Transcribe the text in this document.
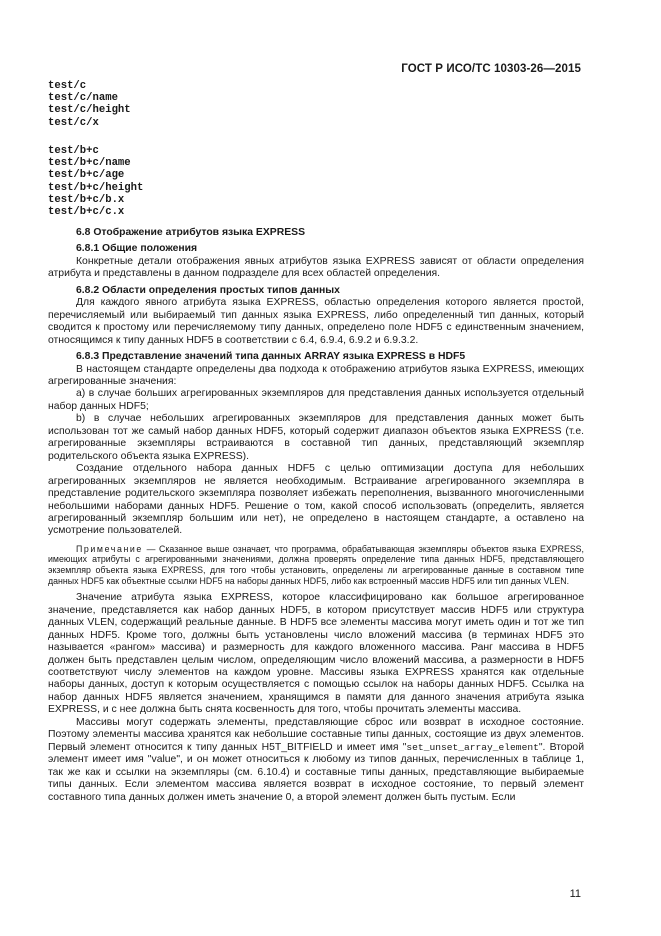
ГОСТ Р ИСО/ТС 10303-26—2015
test/c
test/c/name
test/c/height
test/c/x
test/b+c
test/b+c/name
test/b+c/age
test/b+c/height
test/b+c/b.x
test/b+c/c.x
6.8 Отображение атрибутов языка EXPRESS
6.8.1 Общие положения

Конкретные детали отображения явных атрибутов языка EXPRESS зависят от области определения атрибута и представлены в данном подразделе для всех областей определения.

6.8.2 Области определения простых типов данных

Для каждого явного атрибута языка EXPRESS, областью определения которого является простой, перечисляемый или выбираемый тип данных языка EXPRESS, либо определенный тип данных, который сводится к простому или перечисляемому типу данных, определено поле HDF5 с единственным значением, относящимся к типу данных HDF5 в соответствии с 6.4, 6.9.4, 6.9.2 и 6.9.3.2.

6.8.3 Представление значений типа данных ARRAY языка EXPRESS в HDF5

В настоящем стандарте определены два подхода к отображению атрибутов языка EXPRESS, имеющих агрегированные значения:

а) в случае больших агрегированных экземпляров для представления данных используется отдельный набор данных HDF5;

b) в случае небольших агрегированных экземпляров для представления данных может быть использован тот же самый набор данных HDF5, который содержит диапазон объектов языка EXPRESS (т.е. агрегированные экземпляры встраиваются в составной тип данных, представляющий экземпляр родительского объекта языка EXPRESS).

Создание отдельного набора данных HDF5 с целью оптимизации доступа для небольших агрегированных экземпляров не является необходимым. Встраивание агрегированного экземпляра в представление родительского экземпляра позволяет избежать переполнения, вызванного многочисленными небольшими наборами данных HDF5. Решение о том, какой способ использовать (определить, является агрегированный экземпляр большим или нет), не определено в настоящем стандарте, а оставлено на усмотрение пользователей.

Примечание — Сказанное выше означает, что программа, обрабатывающая экземпляры объектов языка EXPRESS, имеющих атрибуты с агрегированными значениями, должна проверять определение типа данных HDF5, представляющего экземпляр объекта языка EXPRESS, для того чтобы установить, определены ли агрегированные данные в составном типе данных HDF5 как объектные ссылки HDF5 на наборы данных HDF5, либо как встроенный массив HDF5 или тип данных VLEN.

Значение атрибута языка EXPRESS, которое классифицировано как большое агрегированное значение, представляется как набор данных HDF5, в котором присутствует массив HDF5 или структура данных VLEN, содержащий реальные данные. В HDF5 все элементы массива могут иметь один и тот же тип данных HDF5. Кроме того, должны быть установлены число вложений массива (в терминах HDF5 это называется «рангом» массива) и размерность для каждого вложенного массива. Ранг массива в HDF5 должен быть представлен целым числом, определяющим число вложений массива, а размерности в HDF5 соответствуют числу элементов на каждом уровне. Массивы языка EXPRESS хранятся как отдельные наборы данных, доступ к которым осуществляется с помощью ссылок на наборы данных HDF5. Ссылка на набор данных HDF5 является значением, хранящимся в памяти для данного значения атрибута языка EXPRESS, и с нее должна быть снята косвенность для того, чтобы прочитать элементы массива.

Массивы могут содержать элементы, представляющие сброс или возврат в исходное состояние. Поэтому элементы массива хранятся как небольшие составные типы данных, состоящие из двух элементов. Первый элемент относится к типу данных H5T_BITFIELD и имеет имя "set_unset_array_element". Второй элемент имеет имя "value", и он может относиться к любому из типов данных, перечисленных в таблице 1, так же как и ссылки на экземпляры (см. 6.10.4) и составные типы данных, представляющие выбираемые типы данных. Если элементом массива является возврат в исходное состояние, то первый элемент составного типа данных должен иметь значение 0, а второй элемент должен быть пустым. Если

11
